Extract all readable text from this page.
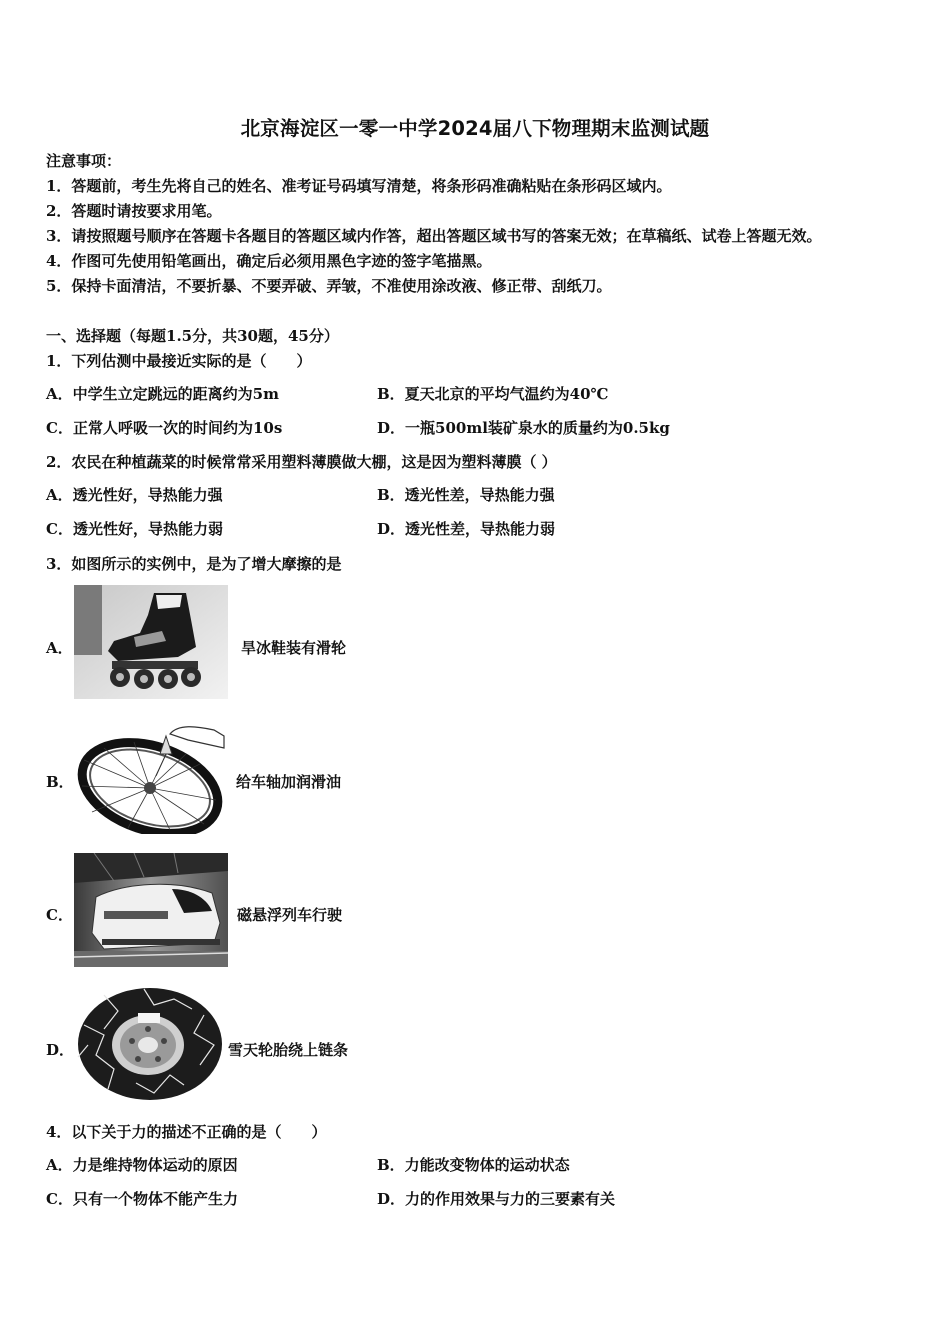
北京海淀区一零一中学2024届八下物理期末监测试题
注意事项：
1．答题前，考生先将自己的姓名、准考证号码填写清楚，将条形码准确粘贴在条形码区域内。
2．答题时请按要求用笔。
3．请按照题号顺序在答题卡各题目的答题区域内作答，超出答题区域书写的答案无效；在草稿纸、试卷上答题无效。
4．作图可先使用铅笔画出，确定后必须用黑色字迹的签字笔描黑。
5．保持卡面清洁，不要折暴、不要弄破、弄皱，不准使用涂改液、修正带、刮纸刀。
一、选择题（每题1.5分，共30题，45分）
1．下列估测中最接近实际的是（　　）
A．中学生立定跳远的距离约为5m	B．夏天北京的平均气温约为40℃
C．正常人呼吸一次的时间约为10s	D．一瓶500ml装矿泉水的质量约为0.5kg
2．农民在种植蔬菜的时候常常采用塑料薄膜做大棚，这是因为塑料薄膜（ ）
A．透光性好，导热能力强	B．透光性差，导热能力强
C．透光性好，导热能力弱	D．透光性差，导热能力弱
3．如图所示的实例中，是为了增大摩擦的是
A．	旱冰鞋装有滑轮
B．	给车轴加润滑油
C．	磁悬浮列车行驶
D．	雪天轮胎绕上链条
4．以下关于力的描述不正确的是（　　）
A．力是维持物体运动的原因	B．力能改变物体的运动状态
C．只有一个物体不能产生力	D．力的作用效果与力的三要素有关
